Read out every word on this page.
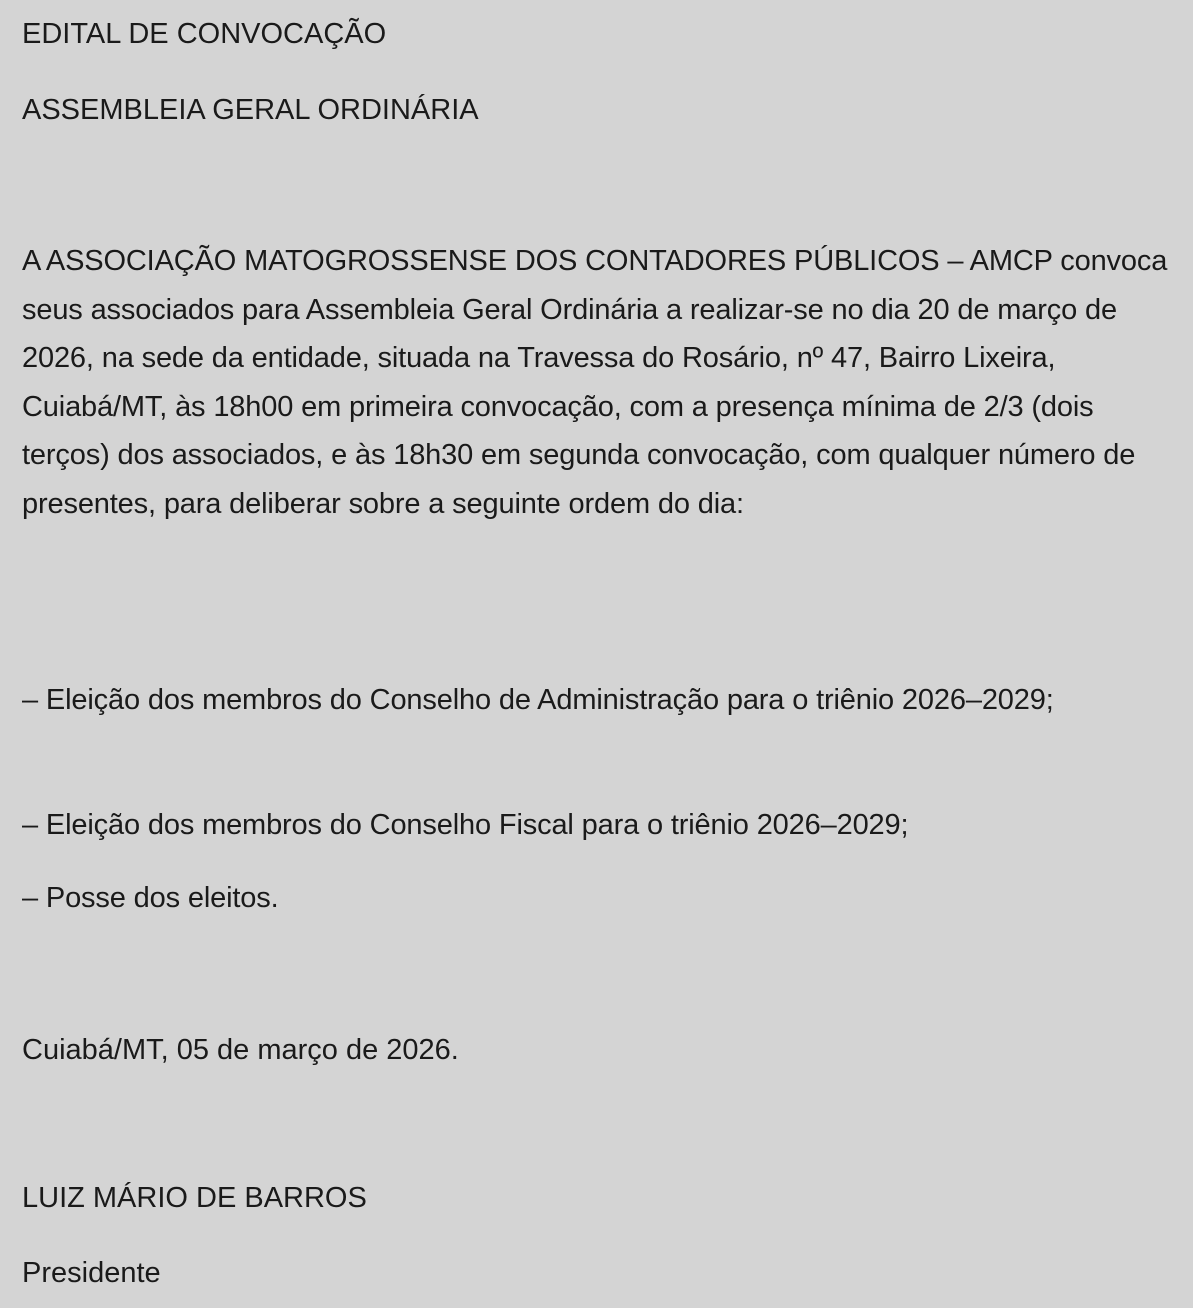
EDITAL DE CONVOCAÇÃO

ASSEMBLEIA GERAL ORDINÁRIA

A ASSOCIAÇÃO MATOGROSSENSE DOS CONTADORES PÚBLICOS – AMCP convoca seus associados para Assembleia Geral Ordinária a realizar-se no dia 20 de março de 2026, na sede da entidade, situada na Travessa do Rosário, nº 47, Bairro Lixeira, Cuiabá/MT, às 18h00 em primeira convocação, com a presença mínima de 2/3 (dois terços) dos associados, e às 18h30 em segunda convocação, com qualquer número de presentes, para deliberar sobre a seguinte ordem do dia:

– Eleição dos membros do Conselho de Administração para o triênio 2026–2029;

– Eleição dos membros do Conselho Fiscal para o triênio 2026–2029;

– Posse dos eleitos.

Cuiabá/MT, 05 de março de 2026.

LUIZ MÁRIO DE BARROS

Presidente
